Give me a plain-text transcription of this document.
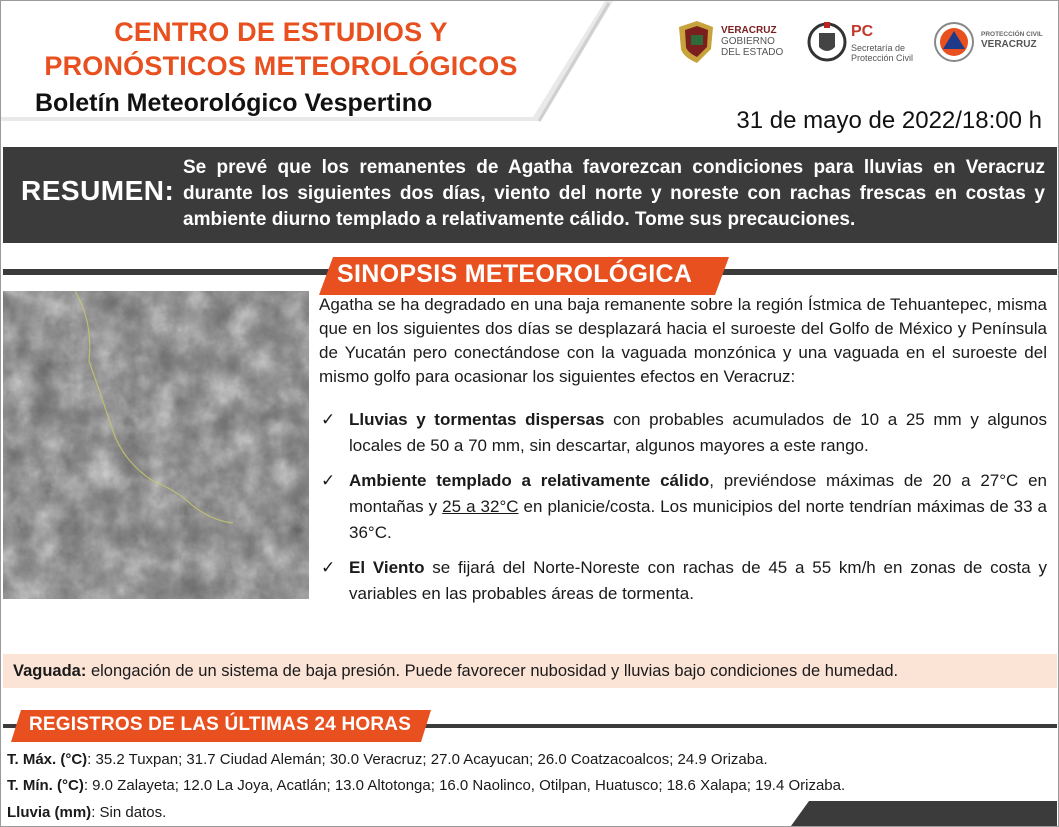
CENTRO DE ESTUDIOS Y
PRONÓSTICOS METEOROLÓGICOS
Boletín Meteorológico Vespertino
31 de mayo de 2022/18:00 h
VERACRUZ
GOBIERNO
DEL ESTADO
PC
Secretaría de
Protección Civil
PROTECCIÓN CIVIL
VERACRUZ
RESUMEN:
Se prevé que los remanentes de Agatha favorezcan condiciones para lluvias en Veracruz durante los siguientes dos días, viento del norte y noreste con rachas frescas en costas y ambiente diurno templado a relativamente cálido. Tome sus precauciones.
SINOPSIS METEOROLÓGICA
Agatha se ha degradado en una baja remanente sobre la región Ístmica de Tehuantepec, misma que en los siguientes dos días se desplazará hacia el suroeste del Golfo de México y Península de Yucatán pero conectándose con la vaguada monzónica y una vaguada en el suroeste del mismo golfo para ocasionar los siguientes efectos en Veracruz:
✓ Lluvias y tormentas dispersas con probables acumulados de 10 a 25 mm y algunos locales de 50 a 70 mm, sin descartar, algunos mayores a este rango.
✓ Ambiente templado a relativamente cálido, previéndose máximas de 20 a 27°C en montañas y 25 a 32°C en planicie/costa. Los municipios del norte tendrían máximas de 33 a 36°C.
✓ El Viento se fijará del Norte-Noreste con rachas de 45 a 55 km/h en zonas de costa y variables en las probables áreas de tormenta.
Vaguada: elongación de un sistema de baja presión. Puede favorecer nubosidad y lluvias bajo condiciones de humedad.
REGISTROS DE LAS ÚLTIMAS 24 HORAS
T. Máx. (°C): 35.2 Tuxpan; 31.7 Ciudad Alemán; 30.0 Veracruz; 27.0 Acayucan; 26.0 Coatzacoalcos; 24.9 Orizaba.
T. Mín. (°C): 9.0 Zalayeta; 12.0 La Joya, Acatlán; 13.0 Altotonga; 16.0 Naolinco, Otilpan, Huatusco; 18.6 Xalapa; 19.4 Orizaba.
Lluvia (mm): Sin datos.
